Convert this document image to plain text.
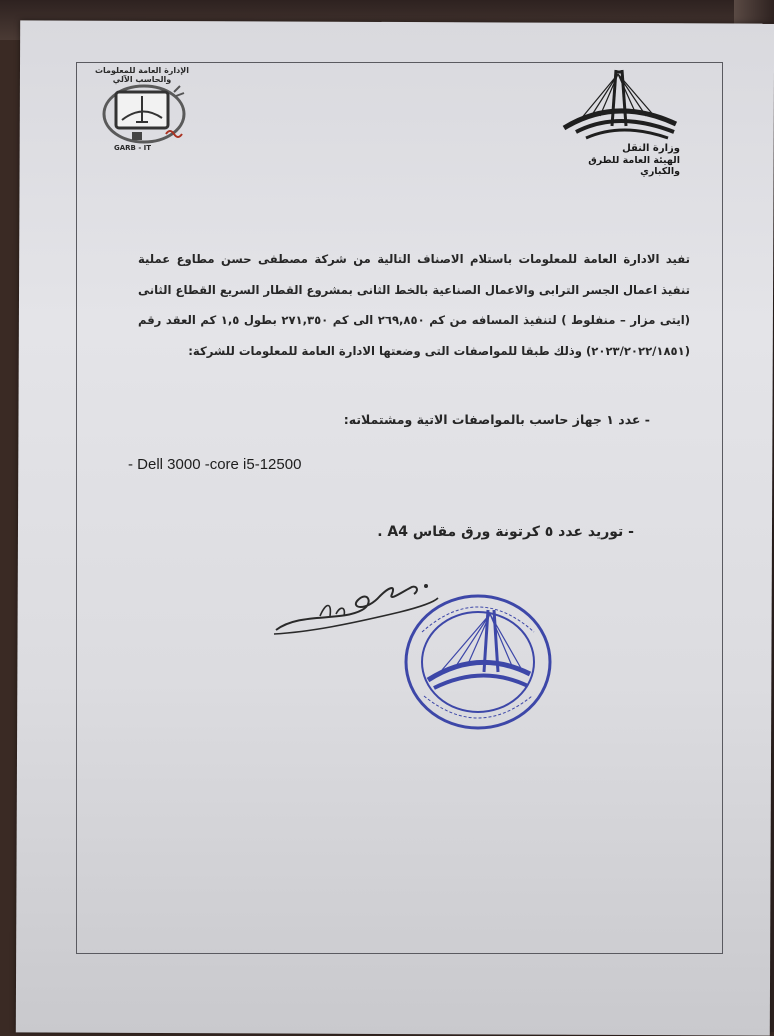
الإدارة العامة للمعلومات والحاسب الآلي
GARB - IT	وزارة النقل
الهيئة العامة للطرق والكباري
تفيد الادارة العامة للمعلومات باستلام الاصناف التالية من شركة مصطفى حسن مطاوع عملية تنفيذ اعمال الجسر الترابى والاعمال الصناعية بالخط الثانى بمشروع القطار السريع القطاع الثانى (ايتى مزار – منفلوط ) لتنفيذ المسافه من كم ٢٦٩,٨٥٠ الى كم ٢٧١,٣٥٠ بطول ١,٥ كم العقد رقم (٢٠٢٣/٢٠٢٢/١٨٥١) وذلك طبقا للمواصفات التى وضعتها الادارة العامة للمعلومات للشركة:
- عدد ١ جهاز حاسب بالمواصفات الاتية ومشتملاته:
- Dell 3000 -core i5-12500
- توريد عدد ٥ كرتونة ورق مقاس A4 .
